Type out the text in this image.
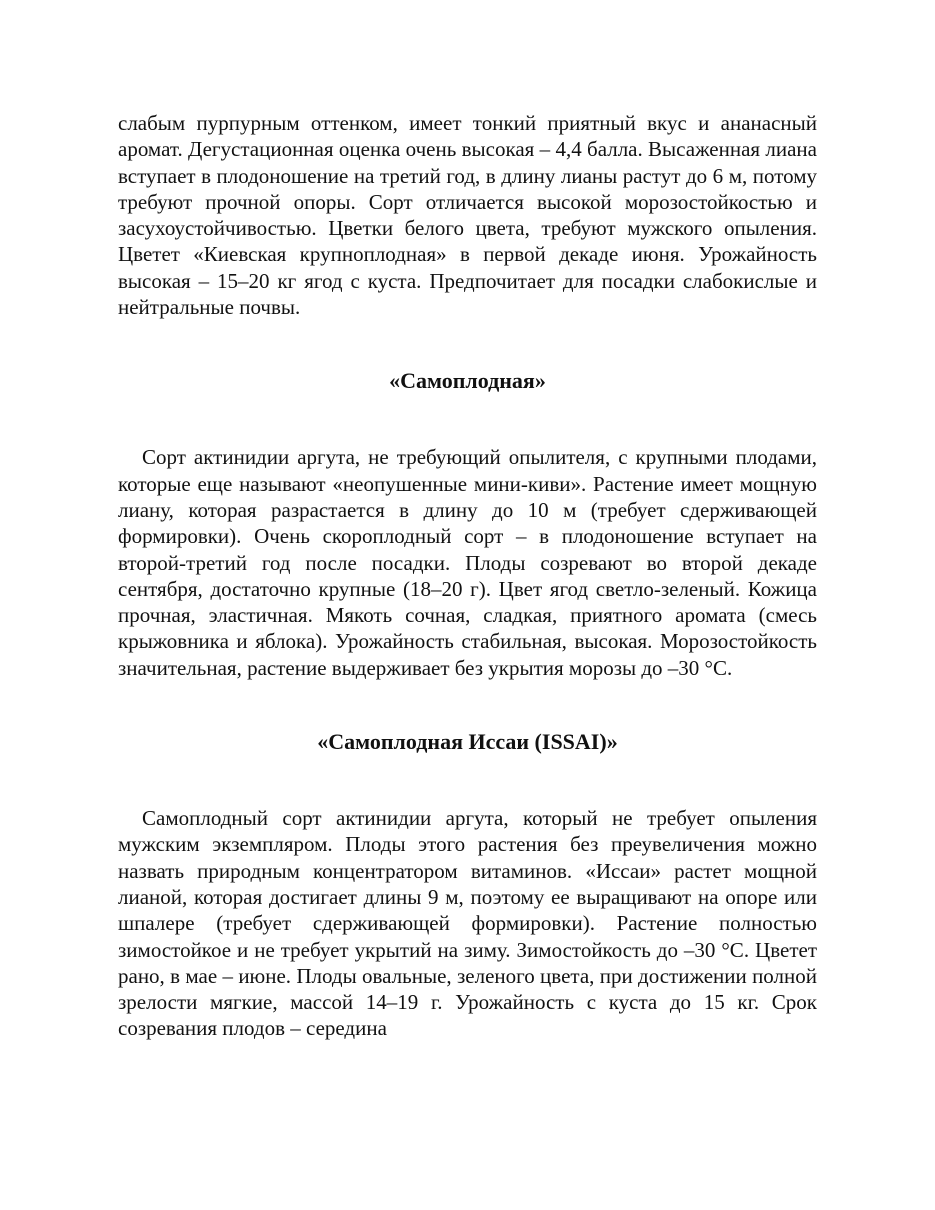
слабым пурпурным оттенком, имеет тонкий приятный вкус и ананасный аромат. Дегустационная оценка очень высокая – 4,4 балла. Высаженная лиана вступает в плодоношение на третий год, в длину лианы растут до 6 м, потому требуют прочной опоры. Сорт отличается высокой морозостойкостью и засухоустойчивостью. Цветки белого цвета, требуют мужского опыления. Цветет «Киевская крупноплодная» в первой декаде июня. Урожайность высокая – 15–20 кг ягод с куста. Предпочитает для посадки слабокислые и нейтральные почвы.

«Самоплодная»

Сорт актинидии аргута, не требующий опылителя, с крупными плодами, которые еще называют «неопушенные мини-киви». Растение имеет мощную лиану, которая разрастается в длину до 10 м (требует сдерживающей формировки). Очень скороплодный сорт – в плодоношение вступает на второй-третий год после посадки. Плоды созревают во второй декаде сентября, достаточно крупные (18–20 г). Цвет ягод светло-зеленый. Кожица прочная, эластичная. Мякоть сочная, сладкая, приятного аромата (смесь крыжовника и яблока). Урожайность стабильная, высокая. Морозостойкость значительная, растение выдерживает без укрытия морозы до –30 °С.

«Самоплодная Иссаи (ISSAI)»

Самоплодный сорт актинидии аргута, который не требует опыления мужским экземпляром. Плоды этого растения без преувеличения можно назвать природным концентратором витаминов. «Иссаи» растет мощной лианой, которая достигает длины 9 м, поэтому ее выращивают на опоре или шпалере (требует сдерживающей формировки). Растение полностью зимостойкое и не требует укрытий на зиму. Зимостойкость до –30 °С. Цветет рано, в мае – июне. Плоды овальные, зеленого цвета, при достижении полной зрелости мягкие, массой 14–19 г. Урожайность с куста до 15 кг. Срок созревания плодов – середина
